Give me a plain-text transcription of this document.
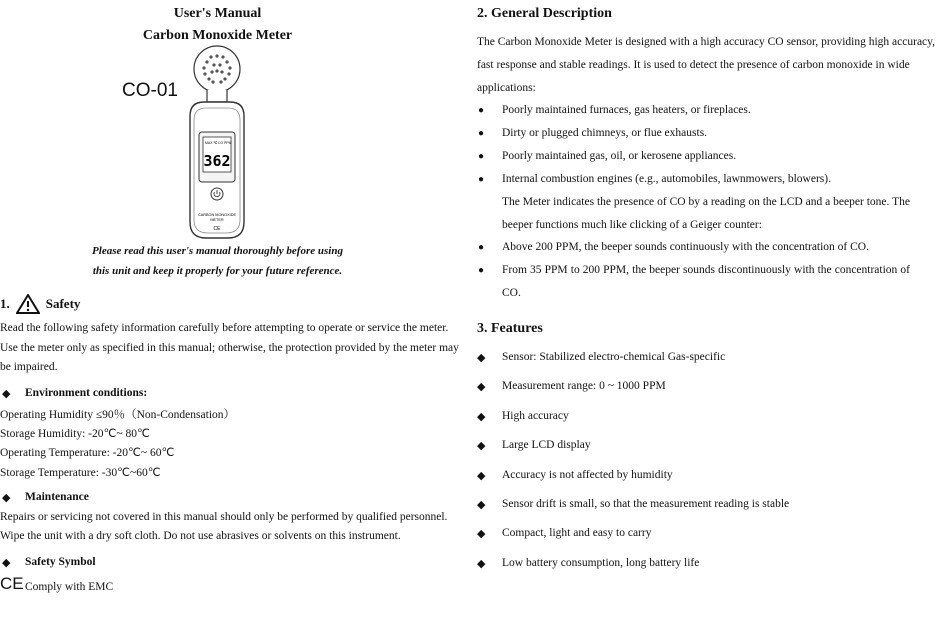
User's Manual
Carbon Monoxide Meter
CO-01
MAX ℃ CO PPM
362
CARBON MONOXIDE
METER
CE
Please read this user's manual thoroughly before using
this unit and keep it properly for your future reference.
1.	Safety
Read the following safety information carefully before attempting to operate or service the meter.
Use the meter only as specified in this manual; otherwise, the protection provided by the meter may
be impaired.
◆ Environment conditions:
Operating Humidity ≤90％（Non-Condensation）
Storage Humidity: -20℃~ 80℃
Operating Temperature: -20℃~ 60℃
Storage Temperature: -30℃~60℃
◆ Maintenance
Repairs or servicing not covered in this manual should only be performed by qualified personnel.
Wipe the unit with a dry soft cloth. Do not use abrasives or solvents on this instrument.
◆ Safety Symbol
CE Comply with EMC
2. General Description
The Carbon Monoxide Meter is designed with a high accuracy CO sensor, providing high accuracy,
fast response and stable readings. It is used to detect the presence of carbon monoxide in wide
applications:
● Poorly maintained furnaces, gas heaters, or fireplaces.
● Dirty or plugged chimneys, or flue exhausts.
● Poorly maintained gas, oil, or kerosene appliances.
● Internal combustion engines (e.g., automobiles, lawnmowers, blowers).
The Meter indicates the presence of CO by a reading on the LCD and a beeper tone. The
beeper functions much like clicking of a Geiger counter:
● Above 200 PPM, the beeper sounds continuously with the concentration of CO.
● From 35 PPM to 200 PPM, the beeper sounds discontinuously with the concentration of
CO.
3. Features
◆ Sensor: Stabilized electro-chemical Gas-specific
◆ Measurement range: 0 ~ 1000 PPM
◆ High accuracy
◆ Large LCD display
◆ Accuracy is not affected by humidity
◆ Sensor drift is small, so that the measurement reading is stable
◆ Compact, light and easy to carry
◆ Low battery consumption, long battery life
